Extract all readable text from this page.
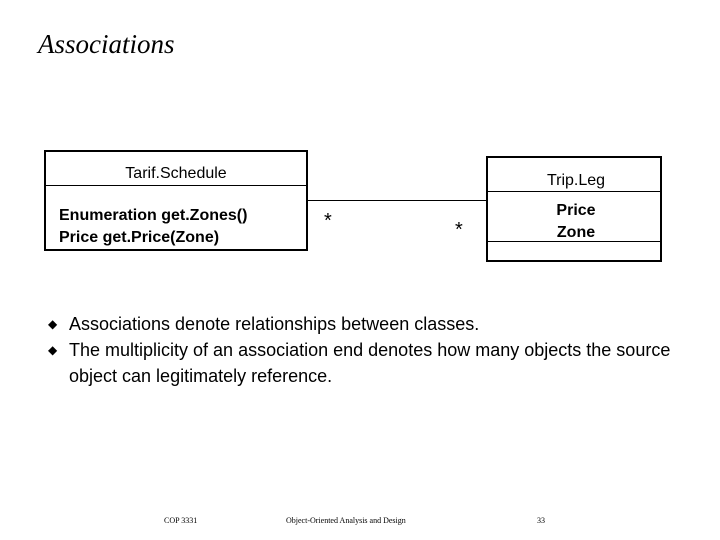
Associations
Tarif.Schedule
Enumeration get.Zones()
Price get.Price(Zone)
*	*
Trip.Leg
Price
Zone
◆ Associations denote relationships between classes.
◆ The multiplicity of an association end denotes how many objects the source object can legitimately reference.
COP 3331	Object-Oriented Analysis and Design	33
